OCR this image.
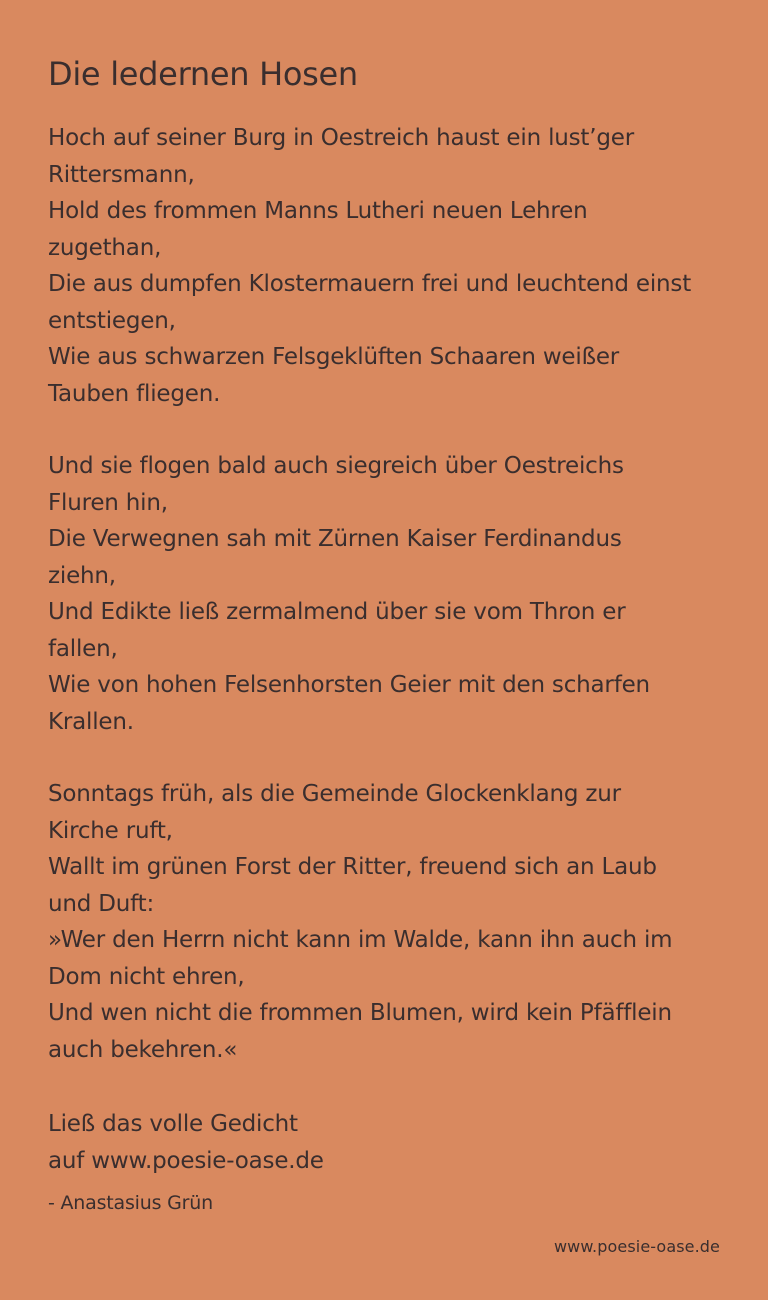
Die ledernen Hosen
Hoch auf seiner Burg in Oestreich haust ein lust’ger
Rittersmann,
Hold des frommen Manns Lutheri neuen Lehren
zugethan,
Die aus dumpfen Klostermauern frei und leuchtend einst
entstiegen,
Wie aus schwarzen Felsgeklüften Schaaren weißer
Tauben fliegen.
Und sie flogen bald auch siegreich über Oestreichs
Fluren hin,
Die Verwegnen sah mit Zürnen Kaiser Ferdinandus
ziehn,
Und Edikte ließ zermalmend über sie vom Thron er
fallen,
Wie von hohen Felsenhorsten Geier mit den scharfen
Krallen.
Sonntags früh, als die Gemeinde Glockenklang zur
Kirche ruft,
Wallt im grünen Forst der Ritter, freuend sich an Laub
und Duft:
»Wer den Herrn nicht kann im Walde, kann ihn auch im
Dom nicht ehren,
Und wen nicht die frommen Blumen, wird kein Pfäfflein
auch bekehren.«
Ließ das volle Gedicht
auf www.poesie-oase.de
- Anastasius Grün
www.poesie-oase.de
